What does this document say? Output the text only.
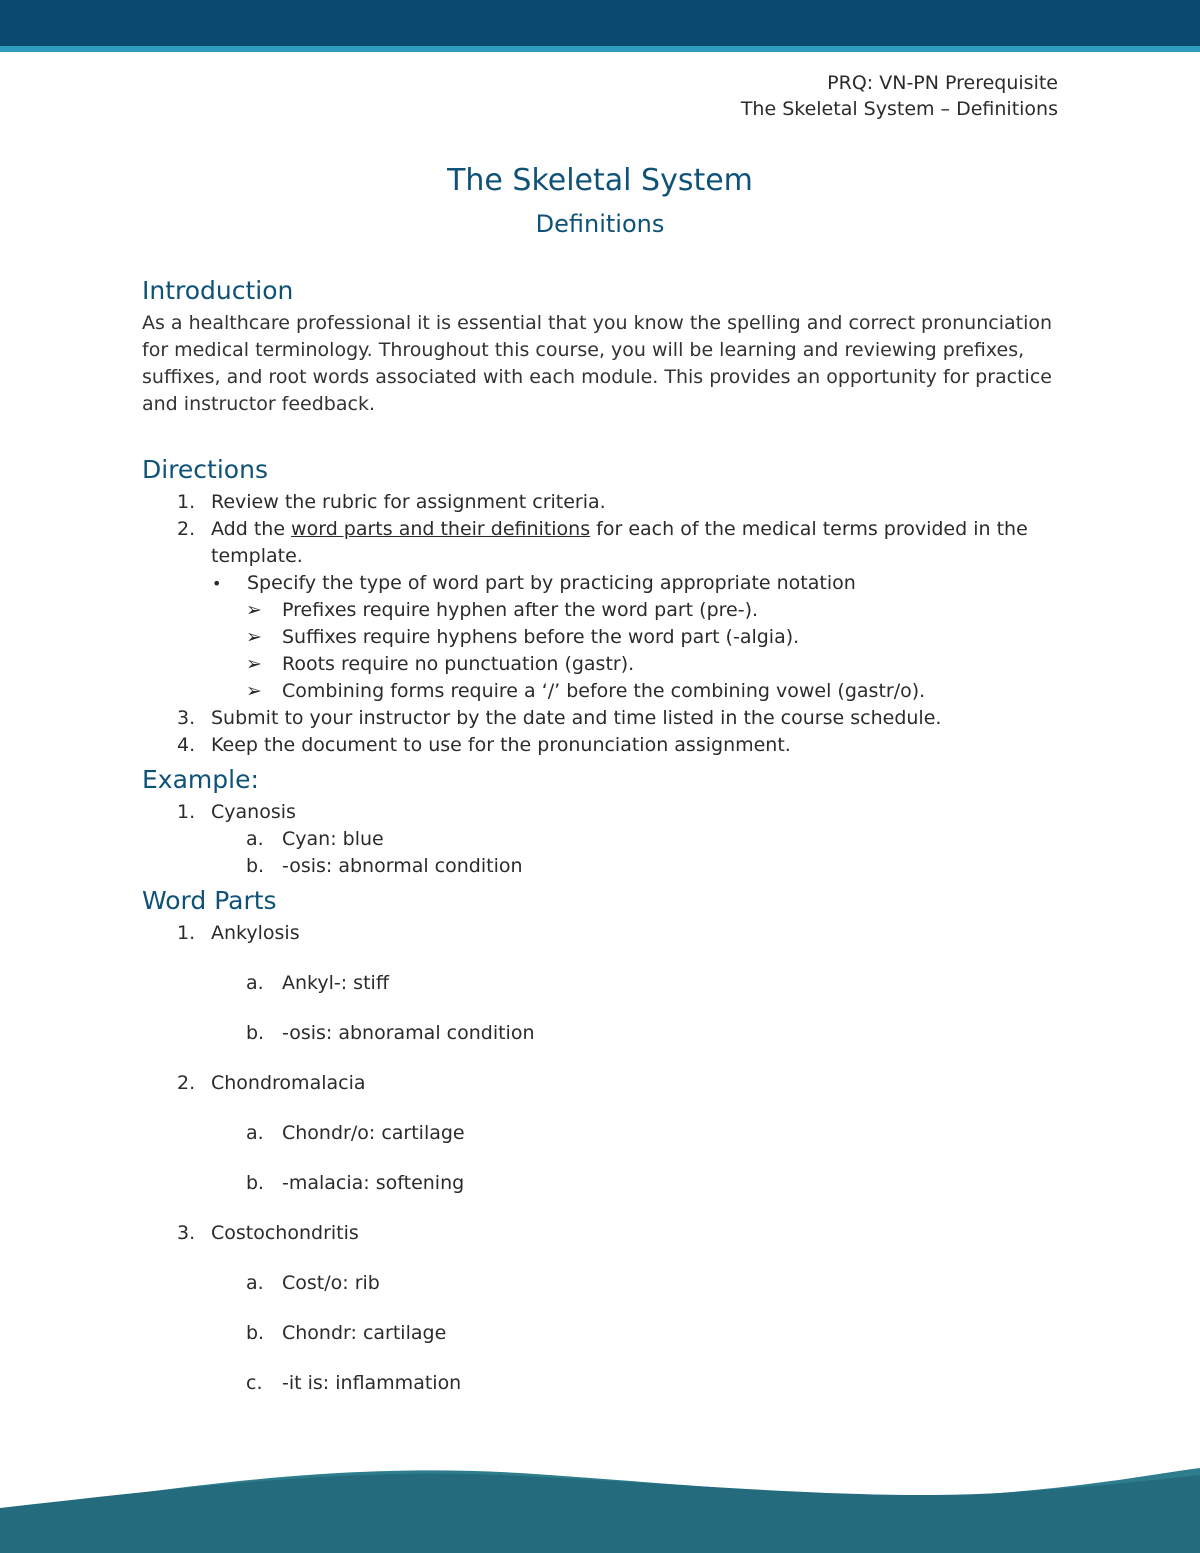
PRQ: VN-PN Prerequisite
The Skeletal System – Definitions
The Skeletal System
Definitions
Introduction

As a healthcare professional it is essential that you know the spelling and correct pronunciation for medical terminology. Throughout this course, you will be learning and reviewing prefixes, suffixes, and root words associated with each module. This provides an opportunity for practice and instructor feedback.

Directions
1. Review the rubric for assignment criteria.
2. Add the word parts and their definitions for each of the medical terms provided in the template.
• Specify the type of word part by practicing appropriate notation
➢ Prefixes require hyphen after the word part (pre-).
➢ Suffixes require hyphens before the word part (-algia).
➢ Roots require no punctuation (gastr).
➢ Combining forms require a ‘/’ before the combining vowel (gastr/o).
3. Submit to your instructor by the date and time listed in the course schedule.
4. Keep the document to use for the pronunciation assignment.
Example:
1. Cyanosis
a. Cyan: blue
b. -osis: abnormal condition
Word Parts
1. Ankylosis
a. Ankyl-: stiff
b. -osis: abnoramal condition
2. Chondromalacia
a. Chondr/o: cartilage
b. -malacia: softening
3. Costochondritis
a. Cost/o: rib
b. Chondr: cartilage
c. -it is: inflammation
